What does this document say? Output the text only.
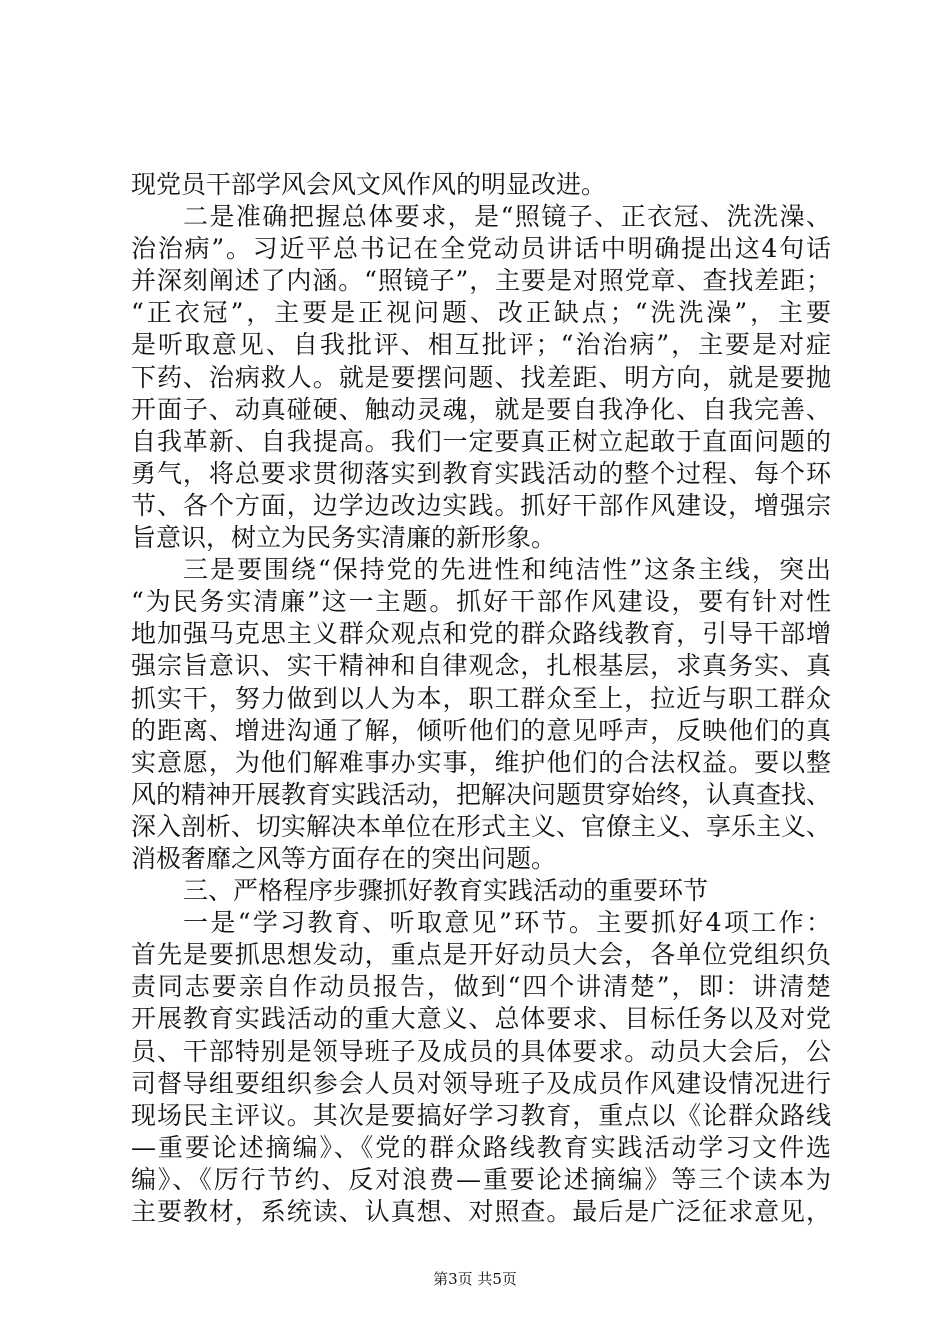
现党员干部学风会风文风作风的明显改进。
二是准确把握总体要求，是“照镜子、正衣冠、洗洗澡、
治治病”。习近平总书记在全党动员讲话中明确提出这4句话
并深刻阐述了内涵。“照镜子”，主要是对照党章、查找差距；
“正衣冠”，主要是正视问题、改正缺点；“洗洗澡”，主要
是听取意见、自我批评、相互批评；“治治病”，主要是对症
下药、治病救人。就是要摆问题、找差距、明方向，就是要抛
开面子、动真碰硬、触动灵魂，就是要自我净化、自我完善、
自我革新、自我提高。我们一定要真正树立起敢于直面问题的
勇气，将总要求贯彻落实到教育实践活动的整个过程、每个环
节、各个方面，边学边改边实践。抓好干部作风建设，增强宗
旨意识，树立为民务实清廉的新形象。
三是要围绕“保持党的先进性和纯洁性”这条主线，突出
“为民务实清廉”这一主题。抓好干部作风建设，要有针对性
地加强马克思主义群众观点和党的群众路线教育，引导干部增
强宗旨意识、实干精神和自律观念，扎根基层，求真务实、真
抓实干，努力做到以人为本，职工群众至上，拉近与职工群众
的距离、增进沟通了解，倾听他们的意见呼声，反映他们的真
实意愿，为他们解难事办实事，维护他们的合法权益。要以整
风的精神开展教育实践活动，把解决问题贯穿始终，认真查找、
深入剖析、切实解决本单位在形式主义、官僚主义、享乐主义、
消极奢靡之风等方面存在的突出问题。
三、严格程序步骤抓好教育实践活动的重要环节
一是“学习教育、听取意见”环节。主要抓好4项工作：
首先是要抓思想发动，重点是开好动员大会，各单位党组织负
责同志要亲自作动员报告，做到“四个讲清楚”，即：讲清楚
开展教育实践活动的重大意义、总体要求、目标任务以及对党
员、干部特别是领导班子及成员的具体要求。动员大会后，公
司督导组要组织参会人员对领导班子及成员作风建设情况进行
现场民主评议。其次是要搞好学习教育，重点以《论群众路线
—重要论述摘编》、《党的群众路线教育实践活动学习文件选
编》、《厉行节约、反对浪费—重要论述摘编》等三个读本为
主要教材，系统读、认真想、对照查。最后是广泛征求意见，
第3页 共5页
